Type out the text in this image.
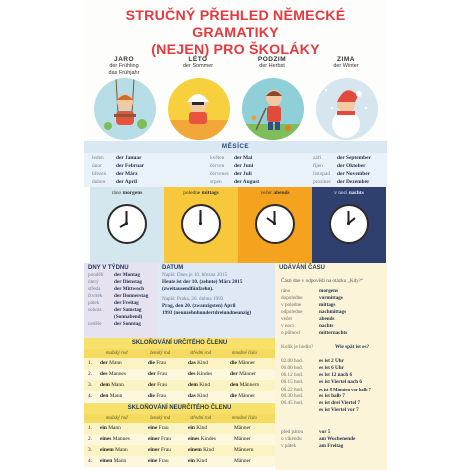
STRUČNÝ PŘEHLED NĚMECKÉ GRAMATIKY
(NEJEN) PRO ŠKOLÁKY
JARO
der Frühling
das Frühjahr
LÉTO
der Sommer
PODZIM
der Herbst
ZIMA
der Winter
MĚSÍCE
leden der Januar
únor	der Februar
březen der März
duben der April
květen der Mai
červen der Juni
červenec der Juli
srpen der August
září	der September
říjen	der Oktober
listopad der November
prosinec der Dezember
ráno morgens	poledne mittags	večer abends	v noci nachts
DNY V TÝDNU
pondělí der Montag
úterý	der Dienstag
středa	der Mittwoch
čtvrtek der Donnerstag
pátek	der Freitag
sobota der Samstag
(Sonnabend)
neděle der Sonntag
DATUM
Napiš: Dnes je 10. března 2015
Heute ist der 10. (zehnte) März 2015
(zweitausendfünfzehn).
Napiš: Praha, 20. dubna 1993
Prag, den 20. (zwanzigsten) April
1993 (neunzehnhundertdreiundneunzig)
SKLOŇOVÁNÍ URČITÉHO ČLENU
mužský rod	ženský rod	střední rod	množné číslo
1. der Mann	die Frau	das Kind	die Männer
2. des Mannes	der Frau	des Kindes	der Männer
3. dem Mann	der Frau	dem Kind	den Männern
4. den Mann	die Frau	das Kind	die Männer
SKLOŇOVÁNÍ NEURČITÉHO ČLENU
mužský rod	ženský rod	střední rod	množné číslo
1. ein Mann	eine Frau	ein Kind	Männer
2. eines Mannes	einer Frau	eines Kindes	Männer
3. einem Mann	einer Frau	einem Kind	Männern
4. einen Mann	eine Frau	ein Kind	Männer
UDÁVÁNÍ ČASU
Části dne v odpovědi na otázku „Kdy?“
ráno	morgens
dopoledne	vormittags
v poledne	mittags
odpoledne	nachmittags
večer	abends
v noci	nachts
o půlnoci	mitternachts
Kolik je hodin?	Wie spät ist es?
02.00 hod.	es ist 2 Uhr
06.00 hod.	es ist 6 Uhr
06.12 hod.	es ist 12 nach 6
06.15 hod.	es ist Viertel nach 6
06.22 hod.	es ist 8 Minuten vor halb 7
06.30 hod.	es ist halb 7
06.45 hod.	es ist drei Viertel 7
es ist Viertel vor 7
před pátou	vor 5
o víkendu	am Wochenende
v pátek	am Freitag
